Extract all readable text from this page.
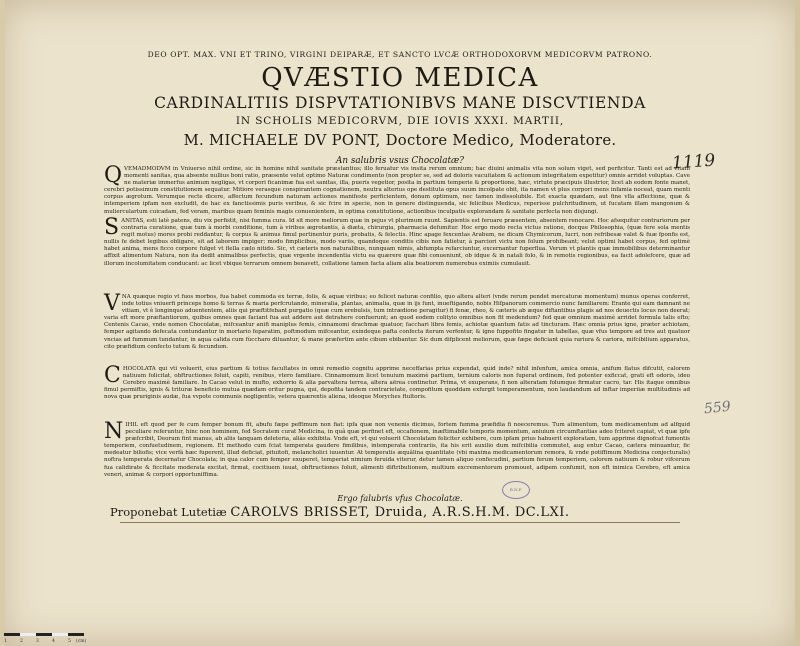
DEO OPT. MAX. VNI ET TRINO, VIRGINI DEIPARÆ, ET SANCTO LVCÆ ORTHODOXORVM MEDICORVM PATRONO.
QVÆSTIO MEDICA
CARDINALITIIS DISPVTATIONIBVS MANE DISCVTIENDA
IN SCHOLIS MEDICORVM, DIE IOVIS XXXI. MARTII,
M. MICHAELE DV PONT, Doctore Medico, Moderatore.
An salubris vsus Chocolatæ?	1119
QVEMADMODVM in Vniuerso nihil ordine, sic in homine nihil sanitate præstantius; illo feruatur vis insita rerum omnium; hac diuini animalis vita non solum viget, sed perficitur. Tanti est ad vitam momenti sanitas, qua absente nullius boni ratio, præsente velut optimo Naturæ condimento (non propter se, sed ad doloris vacuitatem & actionum integritatem expetitur) omnis arridet voluptas. Cave ne materiæ immerfus animum negligas, vt corpori ficanimæ fua est sanitas, illa, pueris vegetior, posita in partium temperie & proportione, hæc, virtute præcipuis illustrior, licet ab eodem fonte manet, cerebri potissimum constitutionem sequatur. Mitiore verasque conspirantem cognationem, neutra alterius ope destituta opus suum incolpate obit, ita namen vt plus corpori mens infamia noceat, quam menti corpus ægrotum. Verumque recte dicere, affectum fecundum naturam actiones manifeste perficientem, donum optimum, nec tamen indissolubile. Est exacta quædam, aut fine vlla affectione, quæ & intemperiem ipfam non excludit, de hac ex fanctissimis puris veribus, & sic fcire in specie, non in genere distinguenda, sic felicibus Medicus, reperisse pulchritudinem, ut fucatam illam mangonum & mulierculartum cuicadam, fed veram, maribus quam feminis magis conuenientem, in optima constitutione, actionibus inculpatis explorandam & sanitate perfecta non disjungi.
SANITAS, esti latè patens, diu vix perfistit, nisi fumma cura. Id sit more meliorum quæ in pejus vt plurimum ruunt. Sapientis est feruare præsentem, absentem renocare. Hoc afsequitur contrariorum per contraria curatione, quæ tum à morbi conditione, tum à viribus ægrotantis, à diæta, chirurgia, pharmacia defumitur. Hoc ergo modo recta victus ratione, docque Philosophia, (quæ fere sola mentis regit motus) mores probi reddantur, & corpus & animus fimul pertinentur puris, probatis, & felectis. Hinc apage fexcentas Arabum, ne dicam Chymicorum, lucri, non refribesæ valet & fuæ fponfis est, nullis fe debet legibus obligare, sit ad laborem impiger; modo fimplicibus, modo variis, quandoque conditis cibis non fatietur, à parciori victu non folum prohibeant; velut optimi habet corpus, fed optimè habet anima, mens ficco corpore fulget vt flella cælo nitido. Sic, vt cæteris non naturalibus, nunquam nimis, abfumpta refarciuntur, excernantur fuperflua. Verum vt plantis quæ immobilibus determinantur affixit alimentum Natura, non ita dedit animalibus perfectis, quæ vrgente incendentia victu ea quærere quæ fibi conueniunt, ob idque & in natali folo, & in remotis regionibus, ea facit adolefcere, quæ ad illorum incolumitatem conducant: ac licet vbique terrarum omnem benavett, collatione tamen facta aliam alia beatiorem numerebus eximiis cumulauit.
VNA quæque regio vt fuos morbos, fua habet commoda ex terræ, folis, & aquæ viribus; eo felicet naturæ confilio, quo altera alteri (vnde rerum pendet mercaturæ momentum) munus operas conferret, inde totius vniuerfi princeps homo & terras & maria perfcrutando, mineralia, plantas, animalia, quæ in ijs funt, inueftigando, nobis Hifpanorum commercio nunc familiarem: Erante qui eam damnant ne vitiam, vt è longinquo aduententem, aliis qui præftitfebant purgatio (quæ cum erebulsis, tum intrædione peragitur) fi fenæ, rheo, & cæteris ab æque diftantibus plagis ad nos deuectis locus non deerat; varia eft more præftantiorum, quibus omnes quæ faciant fua aut addere aut detrahere confuerunt; an quod eodem colityio omnibus non fit medendum? fed quæ omnium maximè arridet formula talis efto; Centenis Cacao, vnde nomen Chocolatæ, mifceantur anifi maniplus femis, cinnamomi drachmæ quatuor, facchari libra femis, achiotæ quantum fatis ad tincturam. Hæc omnia prius igne, præter achiotam, femper agitando defecata contundantur in mortario feparatim, poftmodum mifceantur, exindeque pafta confecta iterum verfentur, & igne fuppofito fingatur in tabellas, quæ vfus tempore ad tres aut quatuor vncias ad fummum tundantur, in aqua calida cum fùccharo diluantur, & mane præfertim ante cibum ebibantur. Sic dum difplicent meliorum, quæ fæpe deficiant quia rariura & cariora, mifcibilium apparatus, cito præfidium confecto tutum & fecundum.
CHOCOLATA qui vti voluerit, eius partium & totius facultates in omni remedio cognitu apprime neceffarias prius expendat, quid inde? nihil infenfum, amica omnia, anifum flatus difcutit, calorem natiuum folicitat, obftructiones foluit, capiti, renibus, vtero familiare. Cinnamomum licet tenuium maximè partium, ternium caloris non fuperat ordinem, fed potenter exficcat, grati eft odoris, ideo Cerebro maximè familiare. In Cacao velut in mufto, exhorrio & alia parvaltera terrea, altera aërea continetur. Prima, vt exuperans, fi non alteratam folumque firmatur cacro, tar. His itaque omnibus fimul permiftis, ignis & trituræ beneficio mutua quædam oritur pugna, qui, depofita tandem contrarietate, compofitum quoddam exfurgit temperamentum, non laudandum ad inftar imperiiæ multitudinis ad nova quæ pruriginis audæ, fua vvpote communis negligentis, vetera quærentis aliena, ideoque Moryches ftultoris.
NIHIL eft quod per fe cum femper bonum fit, abufu fæpe peffimum non fiat: ipfa quæ non venenis dicimus, fortem fumma præfidia fi noeceremus. Tum alimentum, tum medicamentum ad alfquid peculiare referuntur, hinc non hominem, fed Socratem curat Medicina, in quâ quæ perfinet eft, occafionem, inæftimabile temporis momentum, aniuium circumftantias adeo fciteret capiat, vt quæ ipfe præfcribit, Deorum fint manus, ab aliis tanquam deleteria, aliàs exhibita. Vnde eft, vt qui voluerit Chocolatam feliciter exhibere, cum ipfam prius habuerit exploratam, tum apprime dignofcat fumentis temperiem, confuetudinem, regionem. Et methodo cum fciat temperata gaudere fimilibus, intemperata contrariis, ita his erit auxilio dum mifcibilia commutet, aug entur Cacao, cætera minuantur, fic medeatur biliofis; vice verfà hæc fuperent, illud deficiat, pituitofi, melancholici iuuentur. At temperatis æquâlina quantitate (vbi maxima medicamentorum remora, & vnde potiffimum Medicina conjecturalis) noftra temperata decernatur Chocolata; in qua calor cum femper exuperet, temperiat nimium feruida viterur, detur tamen aliquo confecudini, partium ferum temperiem, calorem natiuum & robur vifcerum fua calidirate & ficcitate moderata excitat, firmat, cocitiuem iuuat, obftructiones foluit, alimenti diftributionem, multium excrementorum promouet, adipem confumit, non eft inimica Cerebro, eft amica veneri, animæ & corpori opportuniffima.
559
Ergo falubris vfus Chocolatæ.
B.N.F.
Proponebat Lutetiæ CAROLVS BRISSET, Druida, A.R.S.H.M. DC.LXI.
1	2	3	4	5 (cm)
